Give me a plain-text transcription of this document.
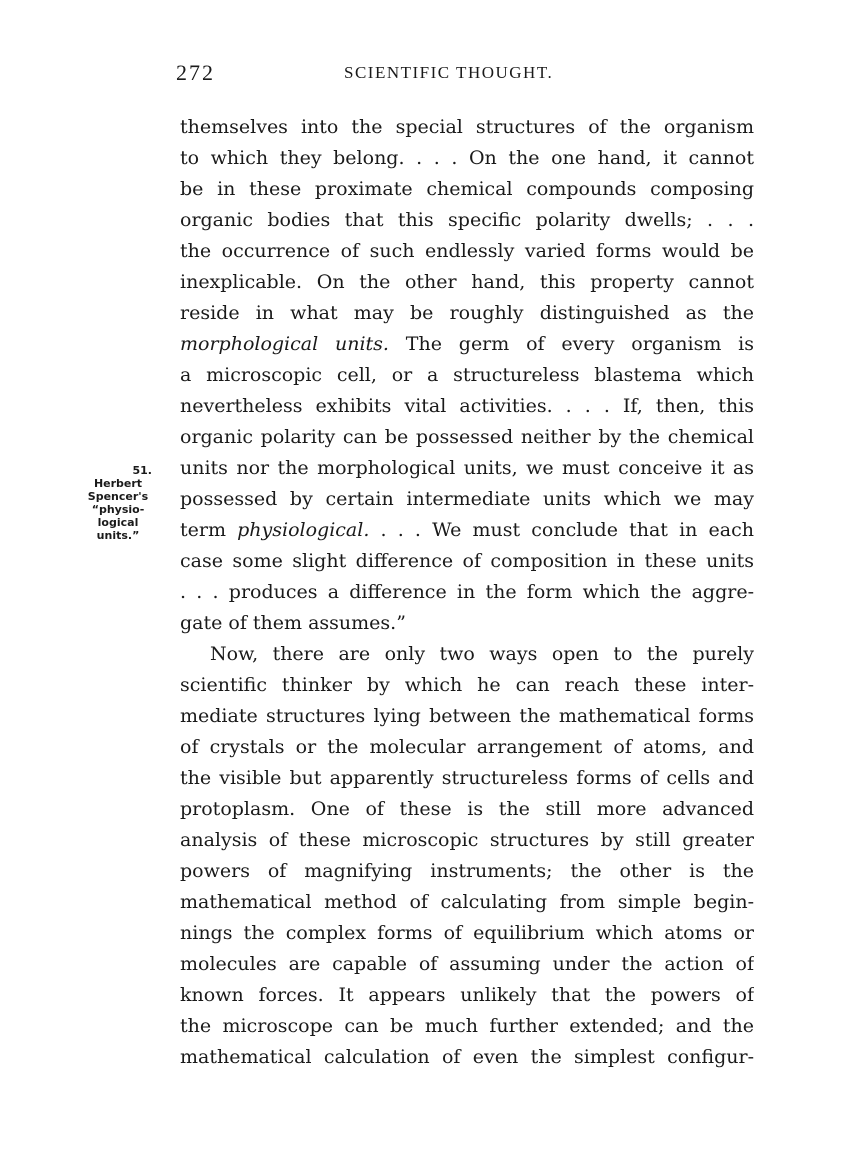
272	SCIENTIFIC THOUGHT.
51.
Herbert
Spencer's
“physio-
logical
units.”
themselves into the special structures of the organism
to which they belong. . . . On the one hand, it cannot
be in these proximate chemical compounds composing
organic bodies that this specific polarity dwells; . . .
the occurrence of such endlessly varied forms would be
inexplicable. On the other hand, this property cannot
reside in what may be roughly distinguished as the
morphological units. The germ of every organism is
a microscopic cell, or a structureless blastema which
nevertheless exhibits vital activities. . . . If, then, this
organic polarity can be possessed neither by the chemical
units nor the morphological units, we must conceive it as
possessed by certain intermediate units which we may
term physiological. . . . We must conclude that in each
case some slight difference of composition in these units
. . . produces a difference in the form which the aggre-
gate of them assumes.”
Now, there are only two ways open to the purely
scientific thinker by which he can reach these inter-
mediate structures lying between the mathematical forms
of crystals or the molecular arrangement of atoms, and
the visible but apparently structureless forms of cells and
protoplasm. One of these is the still more advanced
analysis of these microscopic structures by still greater
powers of magnifying instruments; the other is the
mathematical method of calculating from simple begin-
nings the complex forms of equilibrium which atoms or
molecules are capable of assuming under the action of
known forces. It appears unlikely that the powers of
the microscope can be much further extended; and the
mathematical calculation of even the simplest configur-
